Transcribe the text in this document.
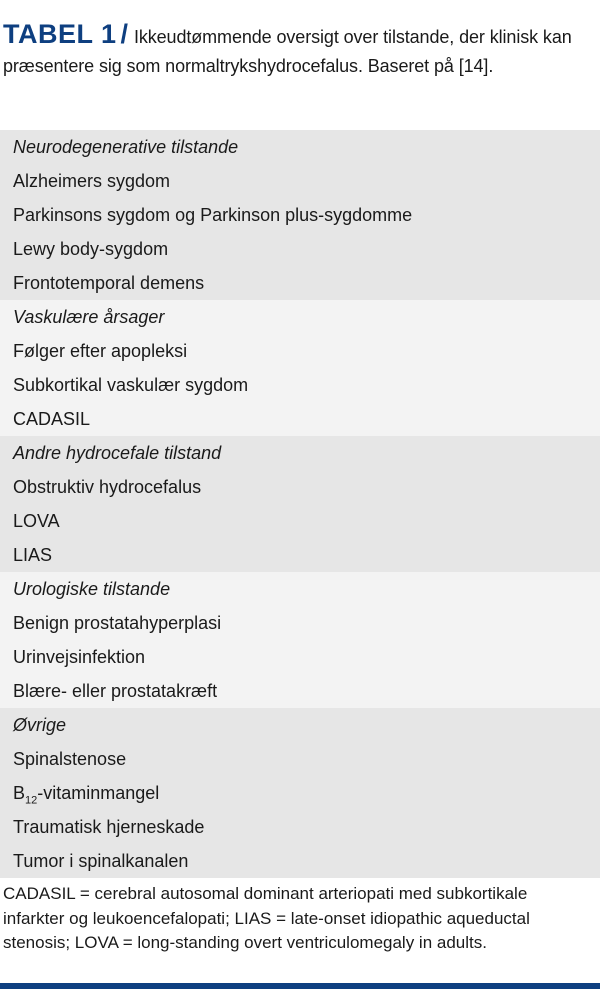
TABEL 1 / Ikkeudtømmende oversigt over tilstande, der klinisk kan præsentere sig som normaltrykshydrocefalus. Baseret på [14].
Neurodegenerative tilstande
Alzheimers sygdom
Parkinsons sygdom og Parkinson plus-sygdomme
Lewy body-sygdom
Frontotemporal demens
Vaskulære årsager
Følger efter apopleksi
Subkortikal vaskulær sygdom
CADASIL
Andre hydrocefale tilstand
Obstruktiv hydrocefalus
LOVA
LIAS
Urologiske tilstande
Benign prostatahyperplasi
Urinvejsinfektion
Blære- eller prostatakræft
Øvrige
Spinalstenose
$B_{12}$-vitaminmangel
Traumatisk hjerneskade
Tumor i spinalkanalen
CADASIL = cerebral autosomal dominant arteriopati med subkortikale infarkter og leukoencefalopati; LIAS = late-onset idiopathic aqueductal stenosis; LOVA = long-standing overt ventriculomegaly in adults.
